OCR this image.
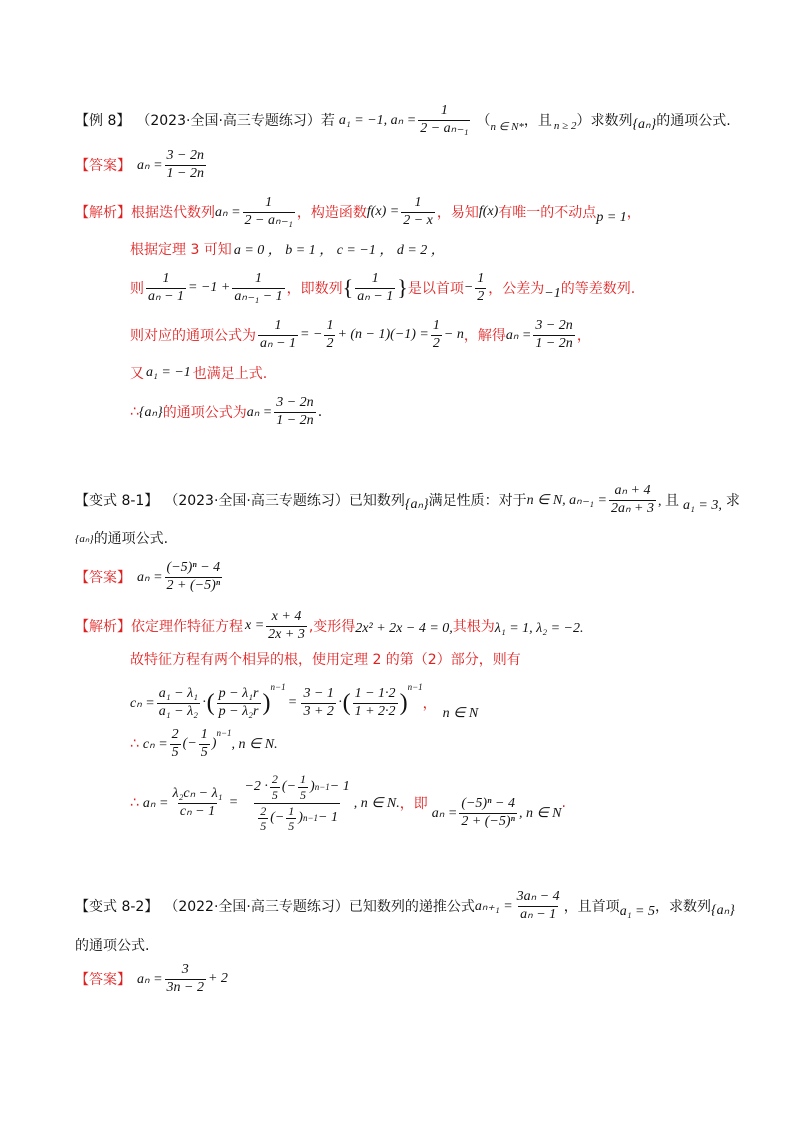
【例 8】 （2023·全国·高三专题练习）若 a₁ = −1, $a_n = \frac{1}{\text{2 − aₙ₋₁}}$ （ n ∈ N* ，且 n ≥ 2 ）求数列 {aₙ} 的通项公式.
【答案】 $a_n = \frac{3 - 2n}{1 - 2n}$
【解析】 根据迭代数列 $a_n = \frac{1}{\text{2 − aₙ₋₁}}$ ，构造函数 $f(x) = \frac{1}{2 - x}$ ，易知 f(x) 有唯一的不动点 p = 1 ，
根据定理 3 可知 a = 0 ， b = 1 ， c = −1 ， d = 2 ，
则 $\frac{1}{\text{aₙ − 1}} = -1 + \frac{1}{\text{aₙ₋₁ − 1}}$ ，即数列 { $\frac{1}{\text{aₙ − 1}}$ } 是以首项 − $\frac{1}{2}$ ，公差为 −1 的等差数列.
则对应的通项公式为 $\frac{1}{\text{aₙ − 1}}$ = − $\frac{1}{2} + (n - 1)(-1) = \frac{1}{2} - n$ ，解得 $a_n = \frac{3 - 2n}{1 - 2n}$ ，
又 a₁ = −1 也满足上式.
∴ {aₙ} 的通项公式为 $a_n = \frac{3 - 2n}{1 - 2n}$ .
【变式 8-1】 （2023·全国·高三专题练习）已知数列 {aₙ} 满足性质：对于 n ∈ N, $a_{n-1} = \frac{\text{aₙ + 4}}{\text{2aₙ + 3}}$ , 且 a₁ = 3, 求
{aₙ} 的通项公式.
【答案】 $a_n = \frac{\text{(−5)ⁿ − 4}}{\text{2 + (−5)ⁿ}}$
【解析】 依定理作特征方程 $x = \frac{x + 4}{2x + 3}$ ,变形得 2x² + 2x − 4 = 0, 其根为 λ₁ = 1, λ₂ = −2.
故特征方程有两个相异的根，使用定理 2 的第（2）部分，则有
$c_n = \frac{\text{a₁ − λ₁}}{\text{a₁ − λ₂}}$ · ( $\frac{\text{p − λ₁r}}{\text{p − λ₂r}}$ )
n−1
= $\frac{3 - 1}{3 + 2}$ · ( $\frac{1 - 1\cdot 2}{1 + 2\cdot 2}$ )
n−1
，
n ∈ N
∴ $c_n = \frac{2}{5}$ (− $\frac{1}{5}$ )
n−1
, n ∈ N.
∴ $a_n = \frac{\text{λ₂cₙ − λ₁}}{\text{cₙ − 1}}$ =
$-2 \cdot \frac{2}{5}$ (− $\frac{1}{5}$ ) n−1 − 1
$\frac{2}{5}$ (− $\frac{1}{5}$ ) n−1 − 1
, n ∈ N. ，即
$a_n = \frac{\text{(−5)ⁿ − 4}}{\text{2 + (−5)ⁿ}}$ , n ∈ N
.
【变式 8-2】 （2022·全国·高三专题练习）已知数列的递推公式 $a_{n+1} = \frac{\text{3aₙ − 4}}{\text{aₙ − 1}}$ ，且首项 a₁ = 5 ，求数列 {aₙ}
的通项公式.
【答案】 $a_n = \frac{3}{3n - 2} + 2$
